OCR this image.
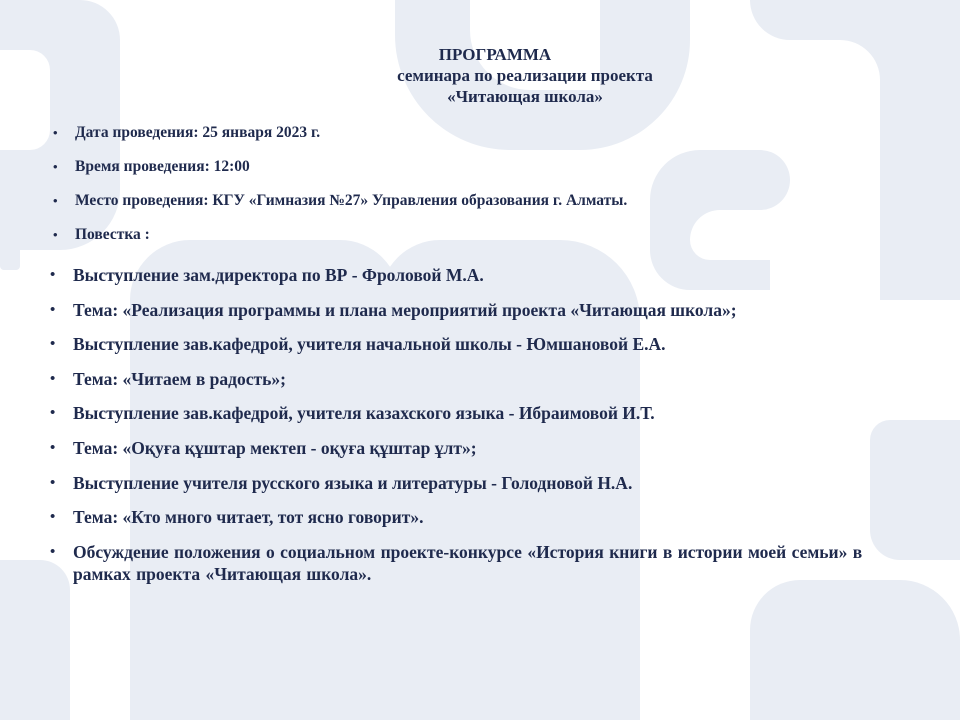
ПРОГРАММА
семинара по реализации проекта
«Читающая школа»
• Дата проведения: 25 января 2023 г.
• Время проведения: 12:00
• Место проведения: КГУ «Гимназия №27» Управления образования г. Алматы.
• Повестка :
• Выступление зам.директора по ВР - Фроловой М.А.
• Тема: «Реализация программы и плана мероприятий проекта «Читающая школа»;
• Выступление зав.кафедрой, учителя начальной школы - Юмшановой Е.А.
• Тема: «Читаем в радость»;
• Выступление зав.кафедрой, учителя казахского языка - Ибраимовой И.Т.
• Тема: «Оқуға құштар мектеп - оқуға құштар ұлт»;
• Выступление учителя русского языка и литературы - Голодновой Н.А.
• Тема: «Кто много читает, тот ясно говорит».
• Обсуждение положения о социальном проекте-конкурсе «История книги в истории моей семьи» в рамках проекта «Читающая школа».
